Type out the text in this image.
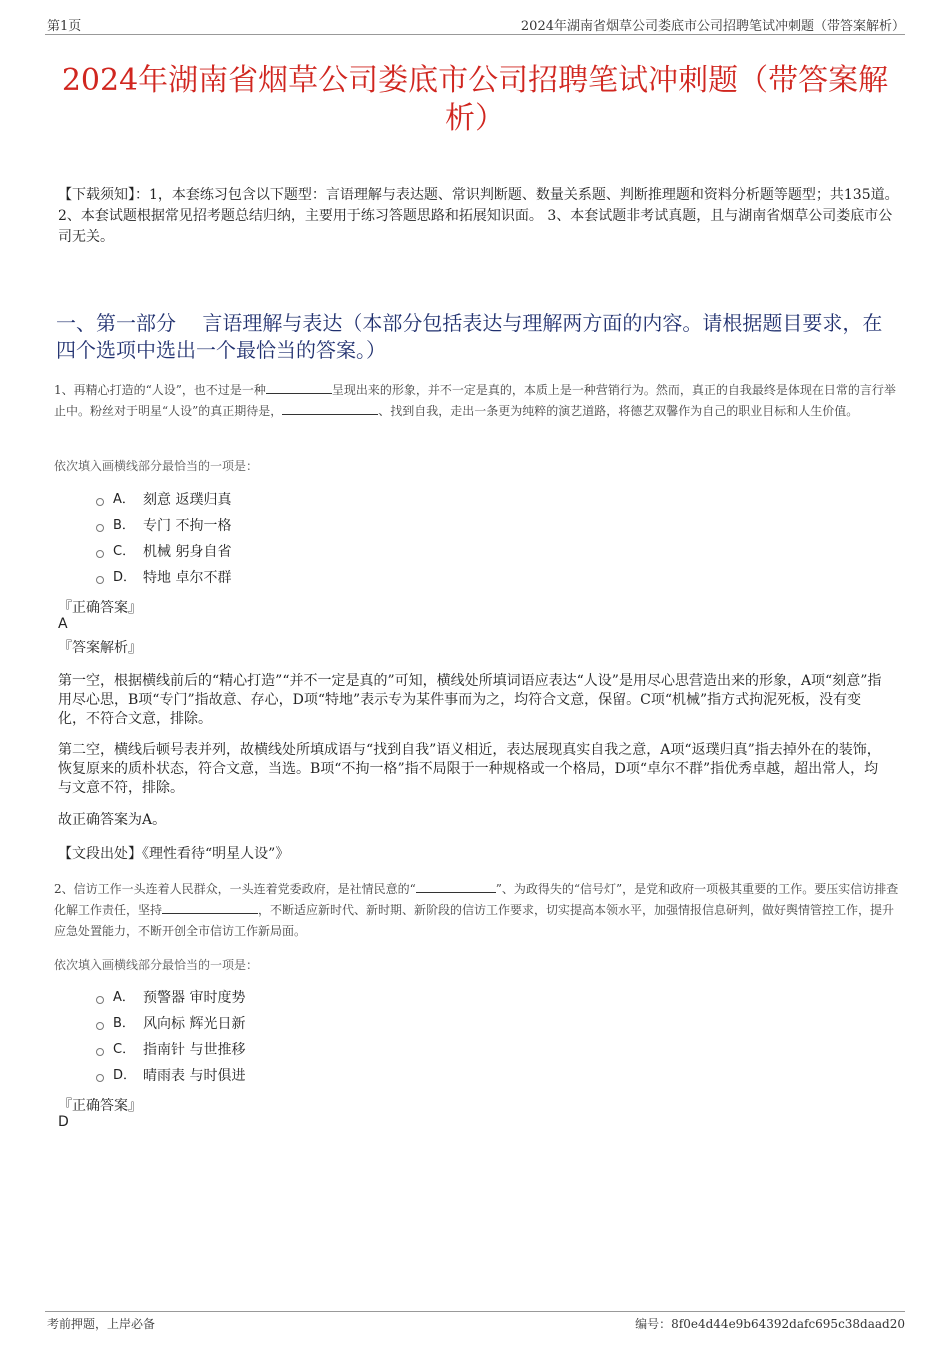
第1页	2024年湖南省烟草公司娄底市公司招聘笔试冲刺题（带答案解析）
2024年湖南省烟草公司娄底市公司招聘笔试冲刺题（带答案解析）
【下载须知】：1，本套练习包含以下题型：言语理解与表达题、常识判断题、数量关系题、判断推理题和资料分析题等题型；共135道。 2、本套试题根据常见招考题总结归纳，主要用于练习答题思路和拓展知识面。 3、本套试题非考试真题，且与湖南省烟草公司娄底市公司无关。
一、第一部分　 言语理解与表达（本部分包括表达与理解两方面的内容。请根据题目要求，在四个选项中选出一个最恰当的答案。）
1、再精心打造的“人设”，也不过是一种	呈现出来的形象，并不一定是真的，本质上是一种营销行为。然而，真正的自我最终是体现在日常的言行举止中。粉丝对于明星“人设”的真正期待是，	、找到自我，走出一条更为纯粹的演艺道路，将德艺双馨作为自己的职业目标和人生价值。
依次填入画横线部分最恰当的一项是：
A． 刻意 返璞归真
B． 专门 不拘一格
C． 机械 躬身自省
D． 特地 卓尔不群
『正确答案』
A
『答案解析』
第一空，根据横线前后的“精心打造”“并不一定是真的”可知，横线处所填词语应表达“人设”是用尽心思营造出来的形象，A项“刻意”指用尽心思，B项“专门”指故意、存心，D项“特地”表示专为某件事而为之，均符合文意，保留。C项“机械”指方式拘泥死板，没有变化，不符合文意，排除。
第二空，横线后顿号表并列，故横线处所填成语与“找到自我”语义相近，表达展现真实自我之意，A项“返璞归真”指去掉外在的装饰，恢复原来的质朴状态，符合文意，当选。B项“不拘一格”指不局限于一种规格或一个格局，D项“卓尔不群”指优秀卓越，超出常人，均与文意不符，排除。
故正确答案为A。
【文段出处】《理性看待“明星人设”》
2、信访工作一头连着人民群众，一头连着党委政府，是社情民意的“	”、为政得失的“信号灯”，是党和政府一项极其重要的工作。要压实信访排查化解工作责任，坚持	，不断适应新时代、新时期、新阶段的信访工作要求，切实提高本领水平，加强情报信息研判，做好舆情管控工作，提升应急处置能力，不断开创全市信访工作新局面。
依次填入画横线部分最恰当的一项是：
A． 预警器 审时度势
B． 风向标 辉光日新
C． 指南针 与世推移
D． 晴雨表 与时俱进
『正确答案』
D
考前押题，上岸必备	编号：8f0e4d44e9b64392dafc695c38daad20
